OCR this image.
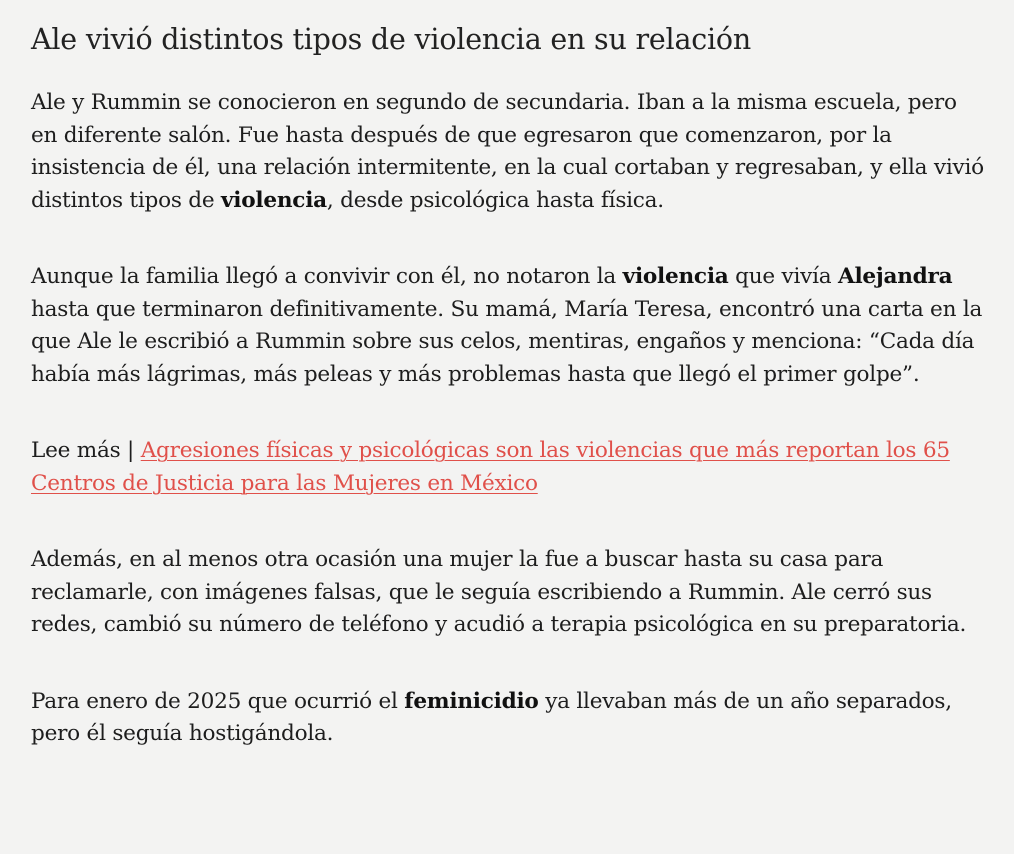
Ale vivió distintos tipos de violencia en su relación

Ale y Rummin se conocieron en segundo de secundaria. Iban a la misma escuela, pero en diferente salón. Fue hasta después de que egresaron que comenzaron, por la insistencia de él, una relación intermitente, en la cual cortaban y regresaban, y ella vivió distintos tipos de violencia, desde psicológica hasta física.

Aunque la familia llegó a convivir con él, no notaron la violencia que vivía Alejandra hasta que terminaron definitivamente. Su mamá, María Teresa, encontró una carta en la que Ale le escribió a Rummin sobre sus celos, mentiras, engaños y menciona: “Cada día había más lágrimas, más peleas y más problemas hasta que llegó el primer golpe”.

Lee más | Agresiones físicas y psicológicas son las violencias que más reportan los 65 Centros de Justicia para las Mujeres en México

Además, en al menos otra ocasión una mujer la fue a buscar hasta su casa para reclamarle, con imágenes falsas, que le seguía escribiendo a Rummin. Ale cerró sus redes, cambió su número de teléfono y acudió a terapia psicológica en su preparatoria.

Para enero de 2025 que ocurrió el feminicidio ya llevaban más de un año separados, pero él seguía hostigándola.
